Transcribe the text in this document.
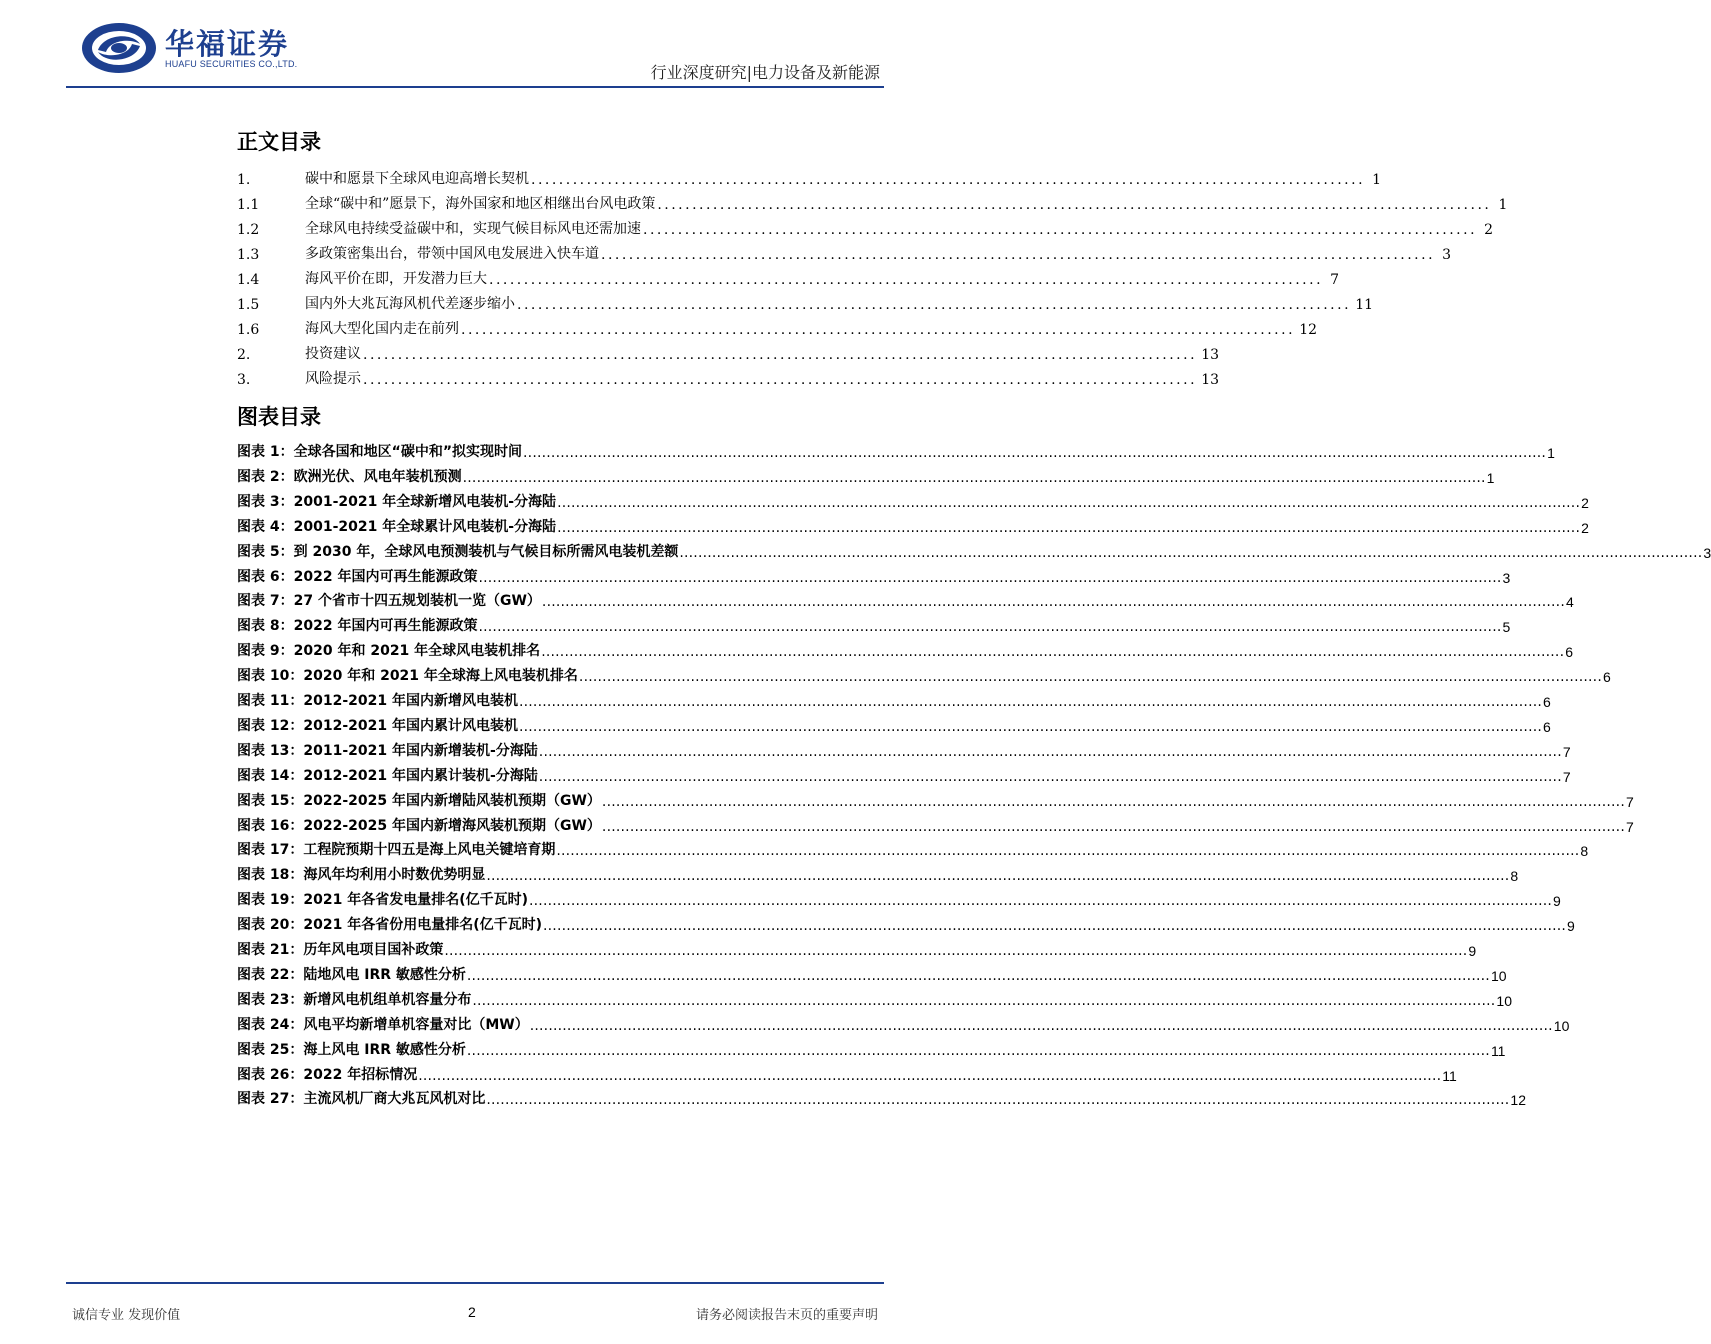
华福证券
HUAFU SECURITIES CO.,LTD.	行业深度研究|电力设备及新能源
正文目录
1.	碳中和愿景下全球风电迎高增长契机 ........................................................................................................................ 1
1.1	全球“碳中和”愿景下，海外国家和地区相继出台风电政策 ........................................................................................................................ 1
1.2	全球风电持续受益碳中和，实现气候目标风电还需加速 ........................................................................................................................ 2
1.3	多政策密集出台，带领中国风电发展进入快车道 ........................................................................................................................ 3
1.4	海风平价在即，开发潜力巨大 ........................................................................................................................ 7
1.5	国内外大兆瓦海风机代差逐步缩小 ........................................................................................................................ 11
1.6	海风大型化国内走在前列 ........................................................................................................................ 12
2.	投资建议 ........................................................................................................................ 13
3.	风险提示 ........................................................................................................................ 13
图表目录
图表 1： 全球各国和地区“碳中和”拟实现时间 ............................................................................................................................................................................................................................ 1
图表 2： 欧洲光伏、风电年装机预测 ............................................................................................................................................................................................................................ 1
图表 3： 2001-2021 年全球新增风电装机-分海陆 ............................................................................................................................................................................................................................ 2
图表 4： 2001-2021 年全球累计风电装机-分海陆 ............................................................................................................................................................................................................................ 2
图表 5： 到 2030 年，全球风电预测装机与气候目标所需风电装机差额 ............................................................................................................................................................................................................................ 3
图表 6： 2022 年国内可再生能源政策 ............................................................................................................................................................................................................................ 3
图表 7： 27 个省市十四五规划装机一览（GW） ............................................................................................................................................................................................................................ 4
图表 8： 2022 年国内可再生能源政策 ............................................................................................................................................................................................................................ 5
图表 9： 2020 年和 2021 年全球风电装机排名 ............................................................................................................................................................................................................................ 6
图表 10： 2020 年和 2021 年全球海上风电装机排名 ............................................................................................................................................................................................................................ 6
图表 11： 2012-2021 年国内新增风电装机 ............................................................................................................................................................................................................................ 6
图表 12： 2012-2021 年国内累计风电装机 ............................................................................................................................................................................................................................ 6
图表 13： 2011-2021 年国内新增装机-分海陆 ............................................................................................................................................................................................................................ 7
图表 14： 2012-2021 年国内累计装机-分海陆 ............................................................................................................................................................................................................................ 7
图表 15： 2022-2025 年国内新增陆风装机预期（GW） ............................................................................................................................................................................................................................ 7
图表 16： 2022-2025 年国内新增海风装机预期（GW） ............................................................................................................................................................................................................................ 7
图表 17： 工程院预期十四五是海上风电关键培育期 ............................................................................................................................................................................................................................ 8
图表 18： 海风年均利用小时数优势明显 ............................................................................................................................................................................................................................ 8
图表 19： 2021 年各省发电量排名(亿千瓦时) ............................................................................................................................................................................................................................ 9
图表 20： 2021 年各省份用电量排名(亿千瓦时) ............................................................................................................................................................................................................................ 9
图表 21： 历年风电项目国补政策 ............................................................................................................................................................................................................................ 9
图表 22： 陆地风电 IRR 敏感性分析 ............................................................................................................................................................................................................................ 10
图表 23： 新增风电机组单机容量分布 ............................................................................................................................................................................................................................ 10
图表 24： 风电平均新增单机容量对比（MW） ............................................................................................................................................................................................................................ 10
图表 25： 海上风电 IRR 敏感性分析 ............................................................................................................................................................................................................................ 11
图表 26： 2022 年招标情况 ............................................................................................................................................................................................................................ 11
图表 27： 主流风机厂商大兆瓦风机对比 ............................................................................................................................................................................................................................ 12
诚信专业 发现价值	2	请务必阅读报告末页的重要声明
